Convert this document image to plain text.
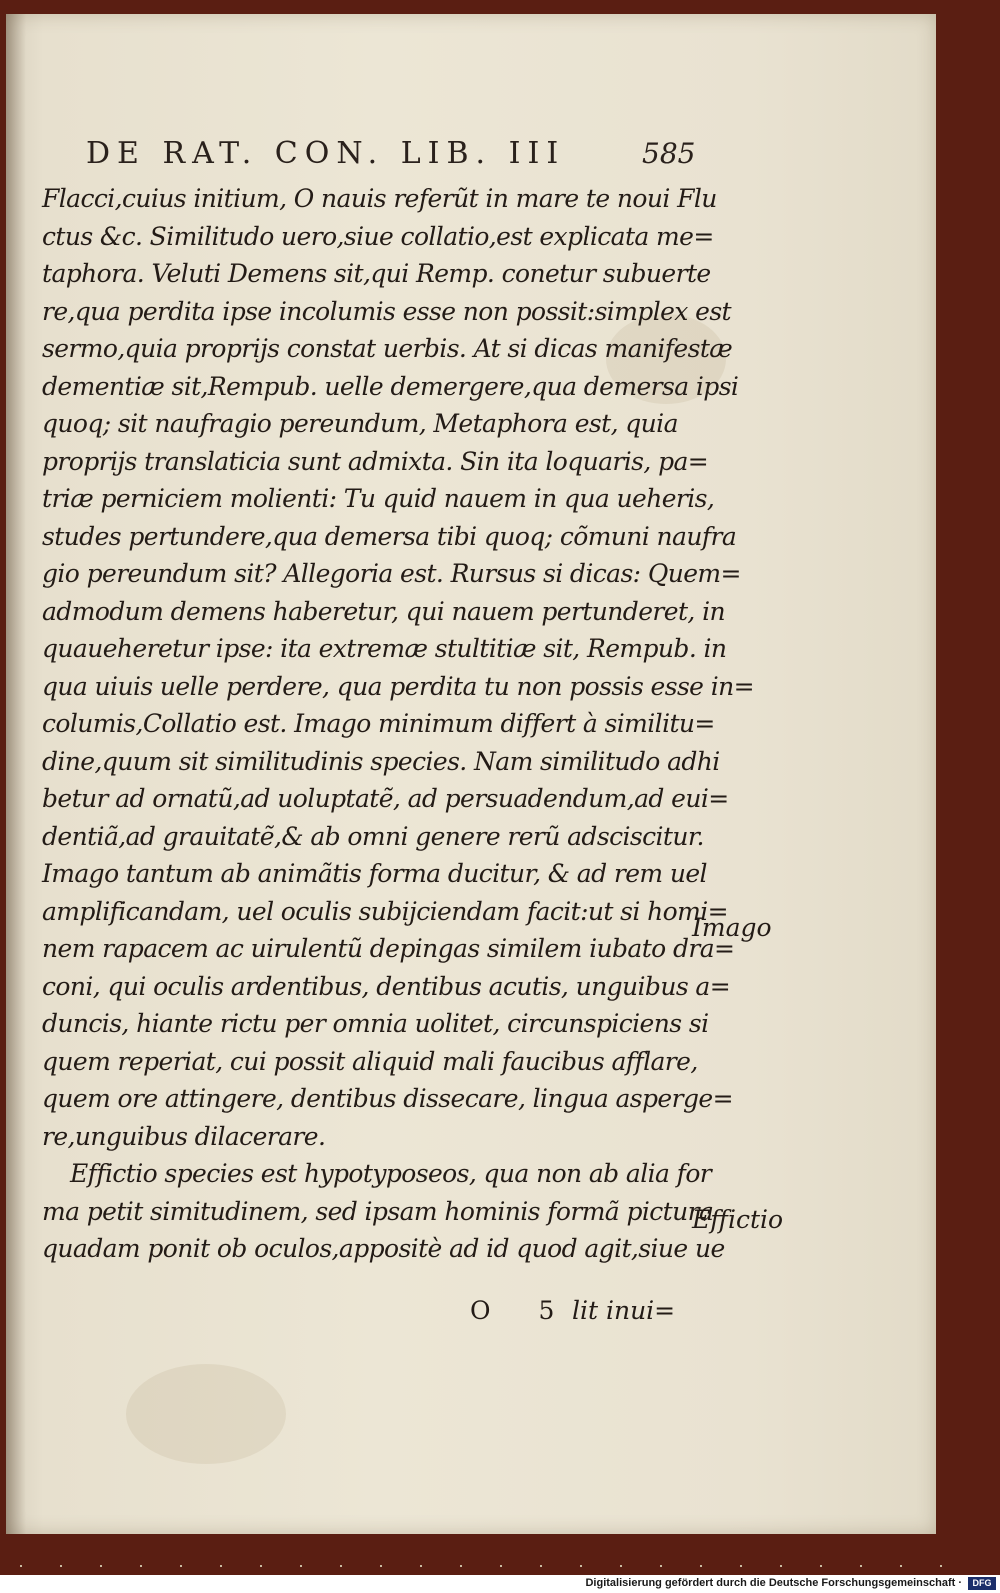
DE RAT. CON. LIB. III	585
Flacci,cuius initium, O nauis referũt in mare te noui Flu
ctus &c. Similitudo uero,siue collatio,est explicata me=
taphora. Veluti Demens sit,qui Remp. conetur subuerte
re,qua perdita ipse incolumis esse non possit:simplex est
sermo,quia proprijs constat uerbis. At si dicas manifestæ
dementiæ sit,Rempub. uelle demergere,qua demersa ipsi
quoq; sit naufragio pereundum, Metaphora est, quia
proprijs translaticia sunt admixta. Sin ita loquaris, pa=
triæ perniciem molienti: Tu quid nauem in qua ueheris,
studes pertundere,qua demersa tibi quoq; cõmuni naufra
gio pereundum sit? Allegoria est. Rursus si dicas: Quem=
admodum demens haberetur, qui nauem pertunderet, in
quaueheretur ipse: ita extremæ stultitiæ sit, Rempub. in
qua uiuis uelle perdere, qua perdita tu non possis esse in=
columis,Collatio est. Imago minimum differt à similitu=
dine,quum sit similitudinis species. Nam similitudo adhi
betur ad ornatũ,ad uoluptatẽ, ad persuadendum,ad eui=
dentiã,ad grauitatẽ,& ab omni genere rerũ adsciscitur.
Imago tantum ab animãtis forma ducitur, & ad rem uel
amplificandam, uel oculis subijciendam facit:ut si homi=
nem rapacem ac uirulentũ depingas similem iubato dra=
coni, qui oculis ardentibus, dentibus acutis, unguibus a=
duncis, hiante rictu per omnia uolitet, circunspiciens si
quem reperiat, cui possit aliquid mali faucibus afflare,
quem ore attingere, dentibus dissecare, lingua asperge=
re,unguibus dilacerare.
Effictio species est hypotyposeos, qua non ab alia for
ma petit simitudinem, sed ipsam hominis formã pictura
quadam ponit ob oculos,appositè ad id quod agit,siue ue
O 5
lit inui=
Imago
Effictio
Digitalisierung gefördert durch die Deutsche Forschungsgemeinschaft ·	DFG
